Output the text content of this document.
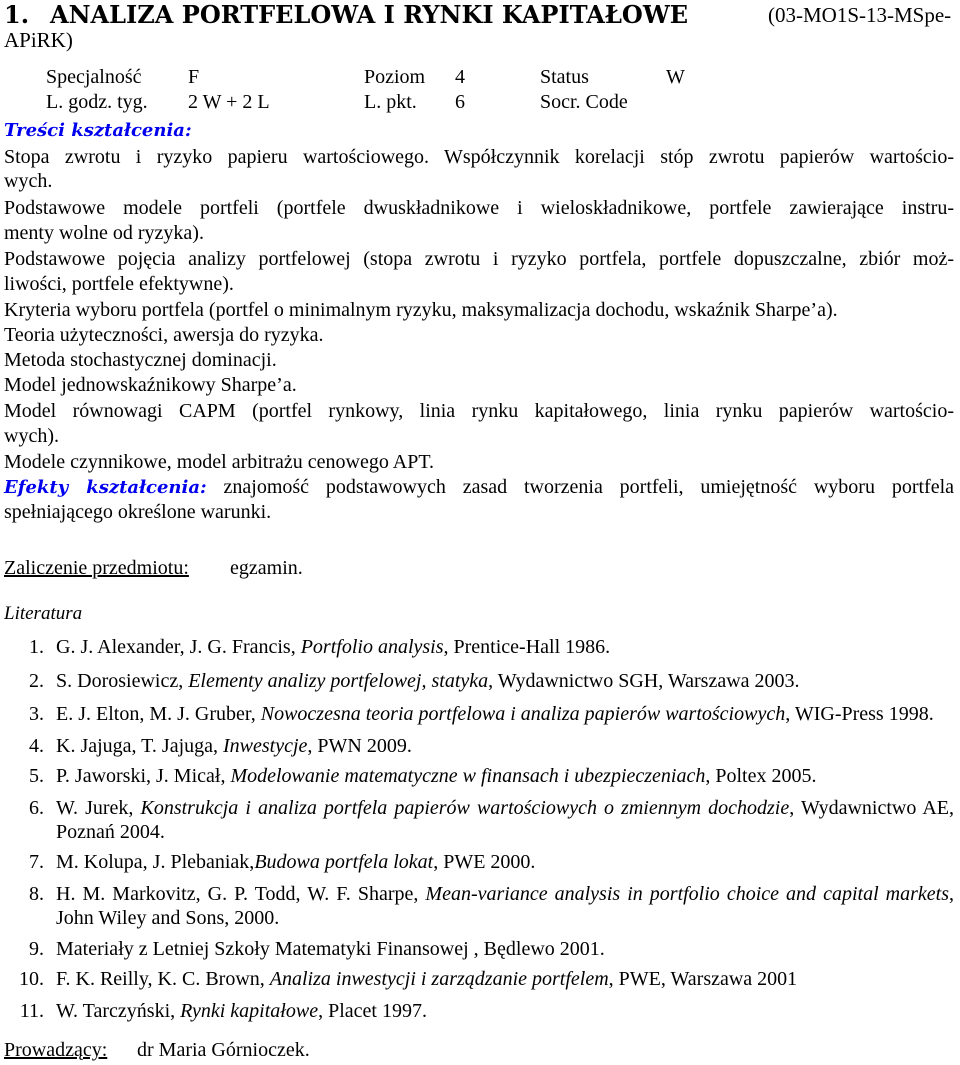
1. ANALIZA PORTFELOWA I RYNKI KAPITAŁOWE	(03-MO1S-13-MSpe-
APiRK)
Specjalność F	Poziom 4	Status	W
L. godz. tyg. 2 W + 2 L	L. pkt. 6	Socr. Code
Treści kształcenia:
Stopa zwrotu i ryzyko papieru wartościowego. Współczynnik korelacji stóp zwrotu papierów wartościo-
wych.
Podstawowe modele portfeli (portfele dwuskładnikowe i wieloskładnikowe, portfele zawierające instru-
menty wolne od ryzyka).
Podstawowe pojęcia analizy portfelowej (stopa zwrotu i ryzyko portfela, portfele dopuszczalne, zbiór moż-
liwości, portfele efektywne).
Kryteria wyboru portfela (portfel o minimalnym ryzyku, maksymalizacja dochodu, wskaźnik Sharpe’a).
Teoria użyteczności, awersja do ryzyka.
Metoda stochastycznej dominacji.
Model jednowskaźnikowy Sharpe’a.
Model równowagi CAPM (portfel rynkowy, linia rynku kapitałowego, linia rynku papierów wartościo-
wych).
Modele czynnikowe, model arbitrażu cenowego APT.
Efekty kształcenia: znajomość podstawowych zasad tworzenia portfeli, umiejętność wyboru portfela
spełniającego określone warunki.
Zaliczenie przedmiotu: egzamin.
Literatura
1. G. J. Alexander, J. G. Francis, Portfolio analysis, Prentice-Hall 1986.
2. S. Dorosiewicz, Elementy analizy portfelowej, statyka, Wydawnictwo SGH, Warszawa 2003.
3. E. J. Elton, M. J. Gruber, Nowoczesna teoria portfelowa i analiza papierów wartościowych, WIG-Press 1998.
4. K. Jajuga, T. Jajuga, Inwestycje, PWN 2009.
5. P. Jaworski, J. Micał, Modelowanie matematyczne w finansach i ubezpieczeniach, Poltex 2005.
6. W. Jurek, Konstrukcja i analiza portfela papierów wartościowych o zmiennym dochodzie, Wydawnictwo AE,
Poznań 2004.
7. M. Kolupa, J. Plebaniak,Budowa portfela lokat, PWE 2000.
8. H. M. Markovitz, G. P. Todd, W. F. Sharpe, Mean-variance analysis in portfolio choice and capital markets,
John Wiley and Sons, 2000.
9. Materiały z Letniej Szkoły Matematyki Finansowej , Będlewo 2001.
10. F. K. Reilly, K. C. Brown, Analiza inwestycji i zarządzanie portfelem, PWE, Warszawa 2001
11. W. Tarczyński, Rynki kapitałowe, Placet 1997.
Prowadzący: dr Maria Górnioczek.
